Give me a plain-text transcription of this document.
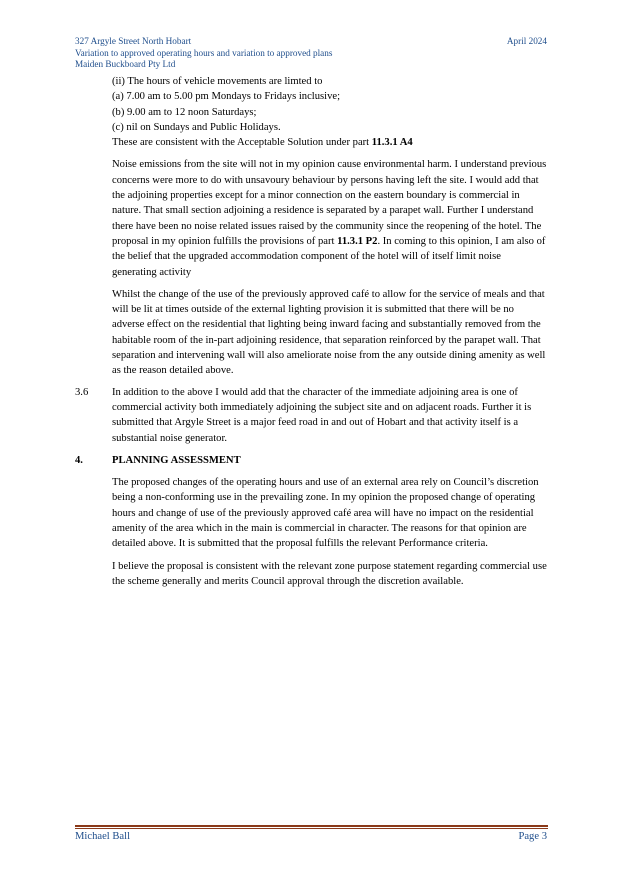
327 Argyle Street North Hobart
Variation to approved operating hours and variation to approved plans
Maiden Buckboard Pty Ltd
April 2024

(ii) The hours of vehicle movements are limted to

(a) 7.00 am to 5.00 pm Mondays to Fridays inclusive;

(b) 9.00 am to 12 noon Saturdays;

(c) nil on Sundays and Public Holidays.

These are consistent with the Acceptable Solution under part 11.3.1 A4

Noise emissions from the site will not in my opinion cause environmental harm. I understand previous concerns were more to do with unsavoury behaviour by persons having left the site. I would add that the adjoining properties except for a minor connection on the eastern boundary is commercial in nature. That small section adjoining a residence is separated by a parapet wall. Further I understand there have been no noise related issues raised by the community since the reopening of the hotel. The proposal in my opinion fulfills the provisions of part 11.3.1 P2. In coming to this opinion, I am also of the belief that the upgraded accommodation component of the hotel will of itself limit noise generating activity

Whilst the change of the use of the previously approved café to allow for the service of meals and that will be lit at times outside of the external lighting provision it is submitted that there will be no adverse effect on the residential that lighting being inward facing and substantially removed from the habitable room of the in-part adjoining residence, that separation reinforced by the parapet wall. That separation and intervening wall will also ameliorate noise from the any outside dining amenity as well as the reason detailed above.

3.6 In addition to the above I would add that the character of the immediate adjoining area is one of commercial activity both immediately adjoining the subject site and on adjacent roads. Further it is submitted that Argyle Street is a major feed road in and out of Hobart and that activity itself is a substantial noise generator.

4.	PLANNING ASSESSMENT

The proposed changes of the operating hours and use of an external area rely on Council’s discretion being a non-conforming use in the prevailing zone. In my opinion the proposed change of operating hours and change of use of the previously approved café area will have no impact on the residential amenity of the area which in the main is commercial in character. The reasons for that opinion are detailed above. It is submitted that the proposal fulfills the relevant Performance criteria.

I believe the proposal is consistent with the relevant zone purpose statement regarding commercial use the scheme generally and merits Council approval through the discretion available.

Michael Ball	Page 3
